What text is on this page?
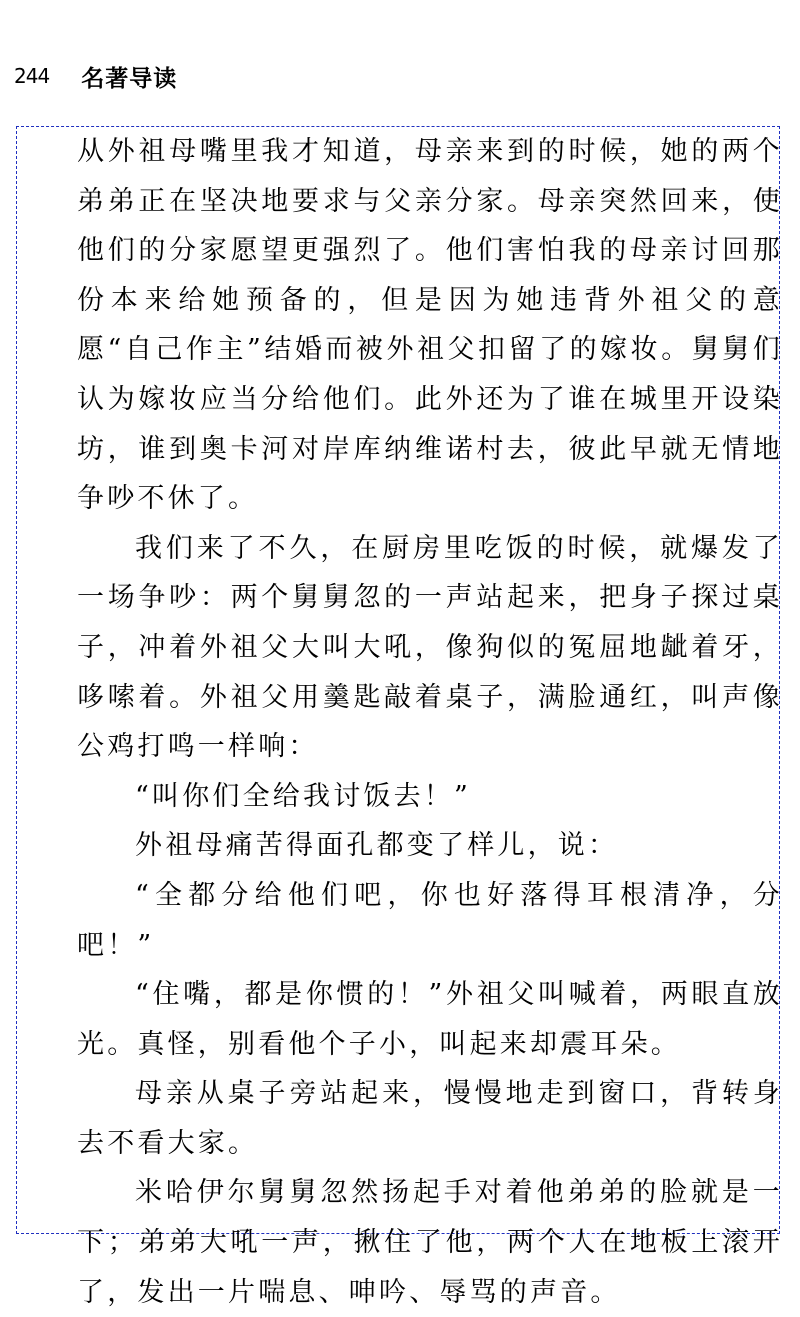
244 名著导读

从外祖母嘴里我才知道，母亲来到的时候，她的两个弟弟正在坚决地要求与父亲分家。母亲突然回来，使他们的分家愿望更强烈了。他们害怕我的母亲讨回那份本来给她预备的，但是因为她违背外祖父的意愿“自己作主”结婚而被外祖父扣留了的嫁妆。舅舅们认为嫁妆应当分给他们。此外还为了谁在城里开设染坊，谁到奥卡河对岸库纳维诺村去，彼此早就无情地争吵不休了。

我们来了不久，在厨房里吃饭的时候，就爆发了一场争吵：两个舅舅忽的一声站起来，把身子探过桌子，冲着外祖父大叫大吼，像狗似的冤屈地龇着牙，哆嗦着。外祖父用羹匙敲着桌子，满脸通红，叫声像公鸡打鸣一样响：

“叫你们全给我讨饭去！”

外祖母痛苦得面孔都变了样儿，说：

“全都分给他们吧，你也好落得耳根清净，分吧！”

“住嘴，都是你惯的！”外祖父叫喊着，两眼直放光。真怪，别看他个子小，叫起来却震耳朵。

母亲从桌子旁站起来，慢慢地走到窗口，背转身去不看大家。

米哈伊尔舅舅忽然扬起手对着他弟弟的脸就是一下；弟弟大吼一声，揪住了他，两个人在地板上滚开了，发出一片喘息、呻吟、辱骂的声音。
